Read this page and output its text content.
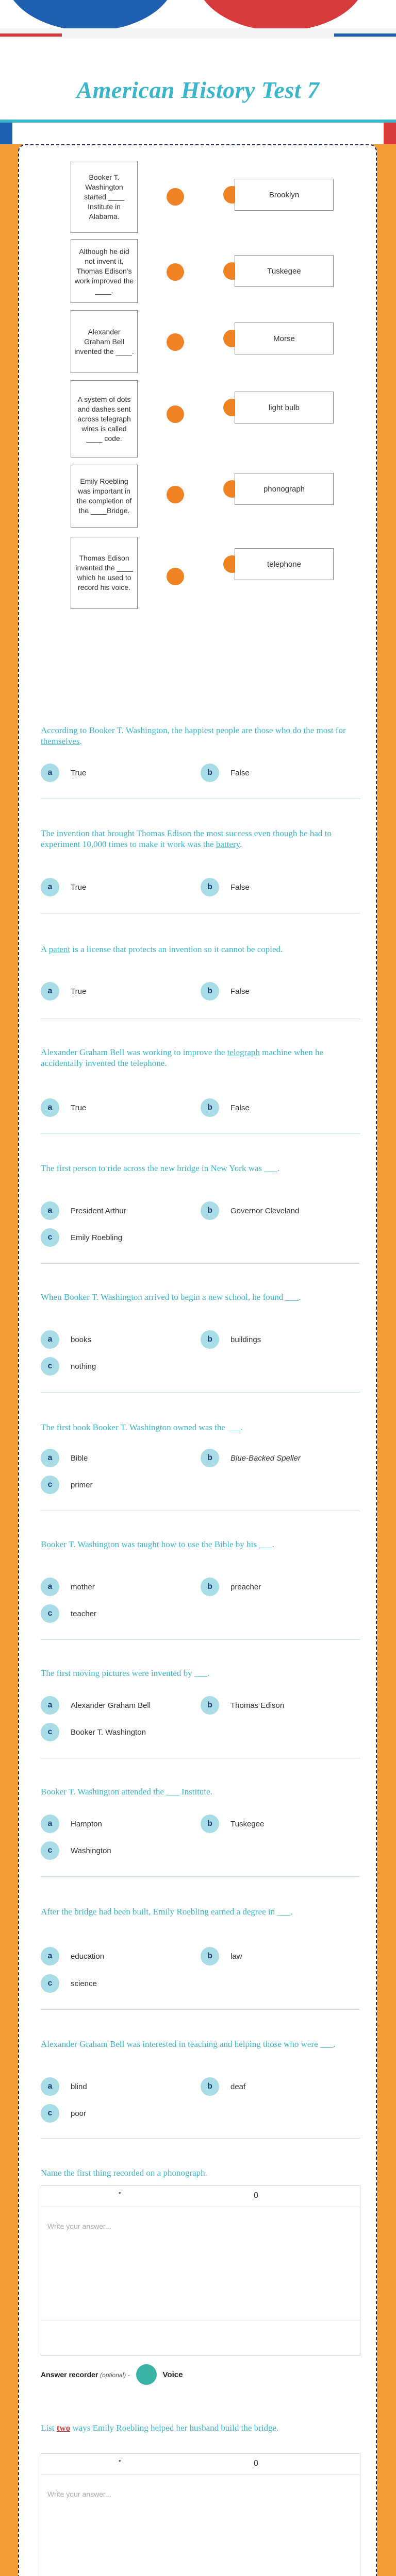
American History Test 7
Booker T. Washington started ____ Institute in Alabama.
Brooklyn
Although he did not invent it, Thomas Edison's work improved the ____.
Tuskegee
Alexander Graham Bell invented the ____.
Morse
A system of dots and dashes sent across telegraph wires is called ____ code.
light bulb
Emily Roebling was important in the completion of the ____Bridge.
phonograph
Thomas Edison invented the ____ which he used to record his voice.
telephone
According to Booker T. Washington, the happiest people are those who do the most for themselves.
a	True	b	False
The invention that brought Thomas Edison the most success even though he had to experiment 10,000 times to make it work was the battery.
a	True	b	False
A patent is a license that protects an invention so it cannot be copied.
a	True	b	False
Alexander Graham Bell was working to improve the telegraph machine when he accidentally invented the telephone.
a	True	b	False
The first person to ride across the new bridge in New York was ___.
a	President Arthur	b	Governor Cleveland
c	Emily Roebling
When Booker T. Washington arrived to begin a new school, he found ___.
a	books	b	buildings
c	nothing
The first book Booker T. Washington owned was the ___.
a	Bible	b	Blue-Backed Speller
c	primer
Booker T. Washington was taught how to use the Bible by his ___.
a	mother	b	preacher
c	teacher
The first moving pictures were invented by ___.
a	Alexander Graham Bell	b	Thomas Edison
c	Booker T. Washington
Booker T. Washington attended the ___ Institute.
a	Hampton	b	Tuskegee
c	Washington
After the bridge had been built, Emily Roebling earned a degree in ___.
a	education	b	law
c	science
Alexander Graham Bell was interested in teaching and helping those who were ___.
a	blind	b	deaf
c	poor
Name the first thing recorded on a phonograph.
"	0
Write your answer...
Answer recorder (optional) -	Voice
List two ways Emily Roebling helped her husband build the bridge.
"	0
Write your answer...
